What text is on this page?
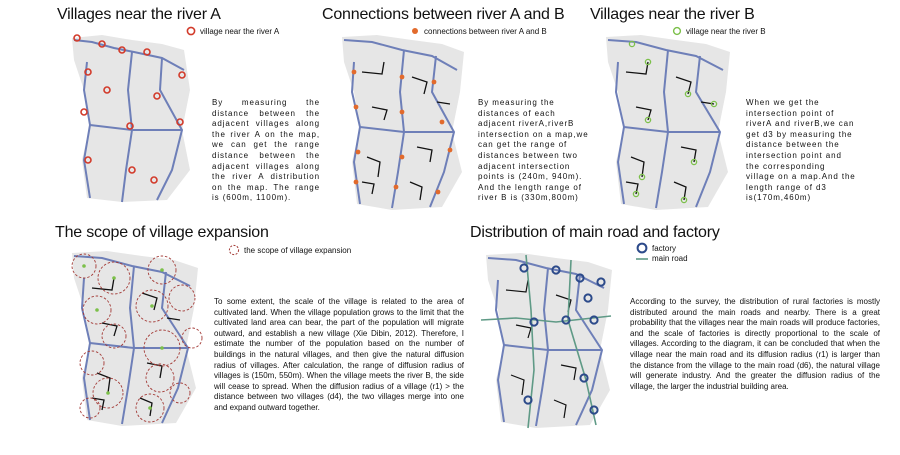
Villages near the river A
village near the river A
By measuring the distance between the adjacent villages along the river A on the map, we can get the range distance between the adjacent villages along the river A distribution on the map. The range is (600m, 1100m).
Connections between river A and B
connections between river A and B
By measuring the distances of each adjacent riverA,riverB intersection on a map,we can get the range of distances between two adjacent intersection points is (240m, 940m). And the length range of river B is (330m,800m)
Villages near the river B
village near the river B
When we get the intersection point of riverA and riverB,we can get d3 by measuring the distance between the intersection point and the corresponding village on a map.And the length range of d3 is(170m,460m)
The scope of village expansion
the scope of village expansion
To some extent, the scale of the village is related to the area of cultivated land. When the village population grows to the limit that the cultivated land area can bear, the part of the population will migrate outward, and establish a new village (Xie Dibin, 2012). Therefore, I estimate the number of the population based on the number of buildings in the natural villages, and then give the natural diffusion radius of villages. After calculation, the range of diffusion radius of villages is (150m, 550m). When the village meets the river B, the side will cease to spread. When the diffusion radius of a village (r1) > the distance between two villages (d4), the two villages merge into one and expand outward together.
Distribution of main road and factory
factory
main road
According to the survey, the distribution of rural factories is mostly distributed around the main roads and nearby. There is a great probability that the villages near the main roads will produce factories, and the scale of factories is directly proportional to the scale of villages. According to the diagram, it can be concluded that when the village near the main road and its diffusion radius (r1) is larger than the distance from the village to the main road (d6), the natural village will generate industry. And the greater the diffusion radius of the village, the larger the industrial building area.
